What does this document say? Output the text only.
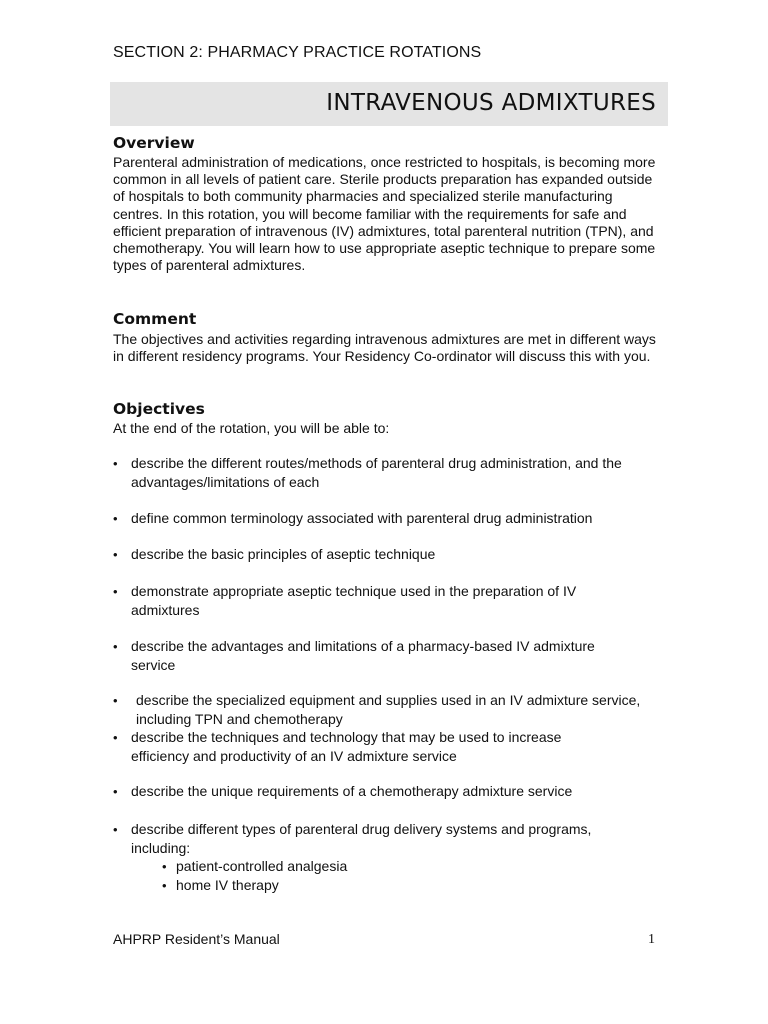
SECTION 2: PHARMACY PRACTICE ROTATIONS
INTRAVENOUS ADMIXTURES
Overview
Parenteral administration of medications, once restricted to hospitals, is becoming more common in all levels of patient care. Sterile products preparation has expanded outside of hospitals to both community pharmacies and specialized sterile manufacturing centres. In this rotation, you will become familiar with the requirements for safe and efficient preparation of intravenous (IV) admixtures, total parenteral nutrition (TPN), and chemotherapy. You will learn how to use appropriate aseptic technique to prepare some types of parenteral admixtures.
Comment
The objectives and activities regarding intravenous admixtures are met in different ways in different residency programs. Your Residency Co-ordinator will discuss this with you.
Objectives
At the end of the rotation, you will be able to:
• describe the different routes/methods of parenteral drug administration, and the advantages/limitations of each
• define common terminology associated with parenteral drug administration
• describe the basic principles of aseptic technique
• demonstrate appropriate aseptic technique used in the preparation of IV admixtures
• describe the advantages and limitations of a pharmacy-based IV admixture service
•	describe the specialized equipment and supplies used in an IV admixture service, including TPN and chemotherapy
• describe the techniques and technology that may be used to increase efficiency and productivity of an IV admixture service
• describe the unique requirements of a chemotherapy admixture service
• describe different types of parenteral drug delivery systems and programs, including:
• patient-controlled analgesia
• home IV therapy
AHPRP Resident’s Manual	1
